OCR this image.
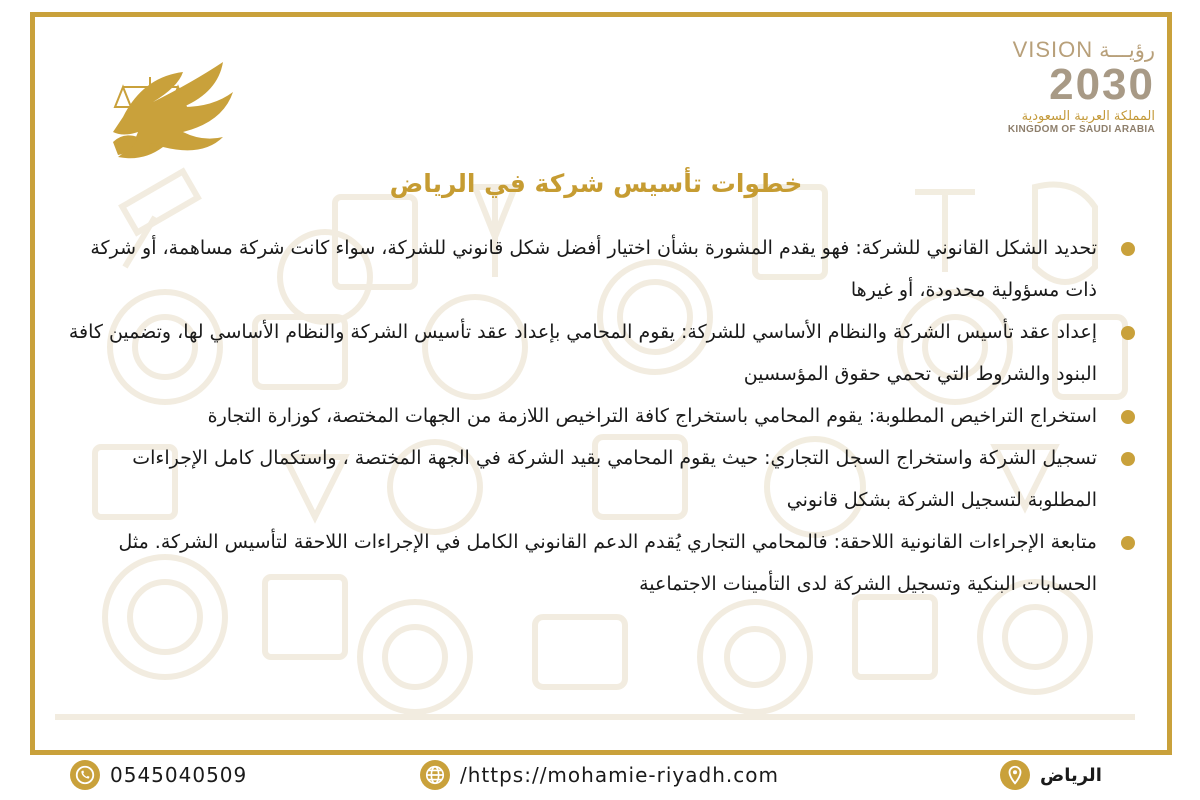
VISION رؤيـــة
2030
المملكة العربية السعودية
KINGDOM OF SAUDI ARABIA
خطوات تأسيس شركة في الرياض
تحديد الشكل القانوني للشركة: فهو يقدم المشورة بشأن اختيار أفضل شكل قانوني للشركة، سواء كانت شركة مساهمة، أو شركة ذات مسؤولية محدودة، أو غيرها
إعداد عقد تأسيس الشركة والنظام الأساسي للشركة: يقوم المحامي بإعداد عقد تأسيس الشركة والنظام الأساسي لها، وتضمين كافة البنود والشروط التي تحمي حقوق المؤسسين
استخراج التراخيص المطلوبة: يقوم المحامي باستخراج كافة التراخيص اللازمة من الجهات المختصة، كوزارة التجارة
تسجيل الشركة واستخراج السجل التجاري: حيث يقوم المحامي بقيد الشركة في الجهة المختصة ، واستكمال كامل الإجراءات المطلوبة لتسجيل الشركة بشكل قانوني
متابعة الإجراءات القانونية اللاحقة: فالمحامي التجاري يُقدم الدعم القانوني الكامل في الإجراءات اللاحقة لتأسيس الشركة. مثل الحسابات البنكية وتسجيل الشركة لدى التأمينات الاجتماعية
0545040509	/https://mohamie-riyadh.com	الرياض
